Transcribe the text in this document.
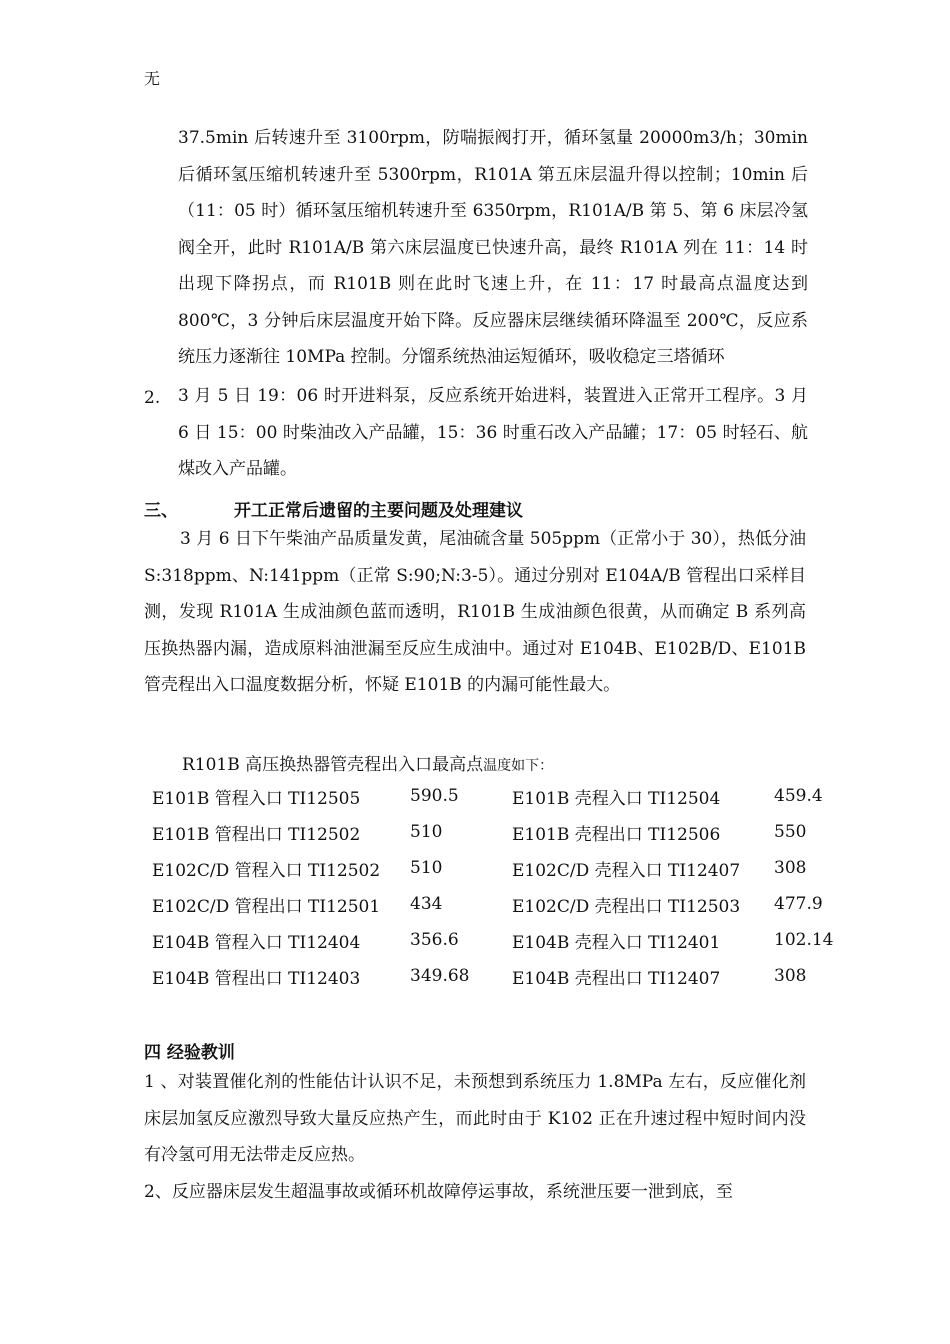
无

37.5min 后转速升至 3100rpm，防喘振阀打开，循环氢量 20000m3/h；30min 后循环氢压缩机转速升至 5300rpm，R101A 第五床层温升得以控制；10min 后（11：05 时）循环氢压缩机转速升至 6350rpm，R101A/B 第 5、第 6 床层冷氢阀全开，此时 R101A/B 第六床层温度已快速升高，最终 R101A 列在 11：14 时出现下降拐点，而 R101B 则在此时飞速上升，在 11：17 时最高点温度达到 800℃，3 分钟后床层温度开始下降。反应器床层继续循环降温至 200℃，反应系统压力逐渐往 10MPa 控制。分馏系统热油运短循环，吸收稳定三塔循环

2. 3 月 5 日 19：06 时开进料泵，反应系统开始进料，装置进入正常开工程序。3 月 6 日 15：00 时柴油改入产品罐，15：36 时重石改入产品罐；17：05 时轻石、航煤改入产品罐。

三、	开工正常后遗留的主要问题及处理建议

3 月 6 日下午柴油产品质量发黄，尾油硫含量 505ppm（正常小于 30），热低分油 S:318ppm、N:141ppm（正常 S:90;N:3-5）。通过分别对 E104A/B 管程出口采样目测，发现 R101A 生成油颜色蓝而透明，R101B 生成油颜色很黄，从而确定 B 系列高压换热器内漏，造成原料油泄漏至反应生成油中。通过对 E104B、E102B/D、E101B 管壳程出入口温度数据分析，怀疑 E101B 的内漏可能性最大。

R101B 高压换热器管壳程出入口最高点温度如下：
E101B 管程入口 TI12505	590.5	E101B 壳程入口 TI12504	459.4
E101B 管程出口 TI12502	510	E101B 壳程出口 TI12506	550
E102C/D 管程入口 TI12502	510	E102C/D 壳程入口 TI12407	308
E102C/D 管程出口 TI12501	434	E102C/D 壳程出口 TI12503	477.9
E104B 管程入口 TI12404	356.6	E104B 壳程入口 TI12401	102.14
E104B 管程出口 TI12403	349.68	E104B 壳程出口 TI12407	308
四 经验教训

1 、对装置催化剂的性能估计认识不足，未预想到系统压力 1.8MPa 左右，反应催化剂床层加氢反应激烈导致大量反应热产生，而此时由于 K102 正在升速过程中短时间内没有冷氢可用无法带走反应热。

2、反应器床层发生超温事故或循环机故障停运事故，系统泄压要一泄到底，至
